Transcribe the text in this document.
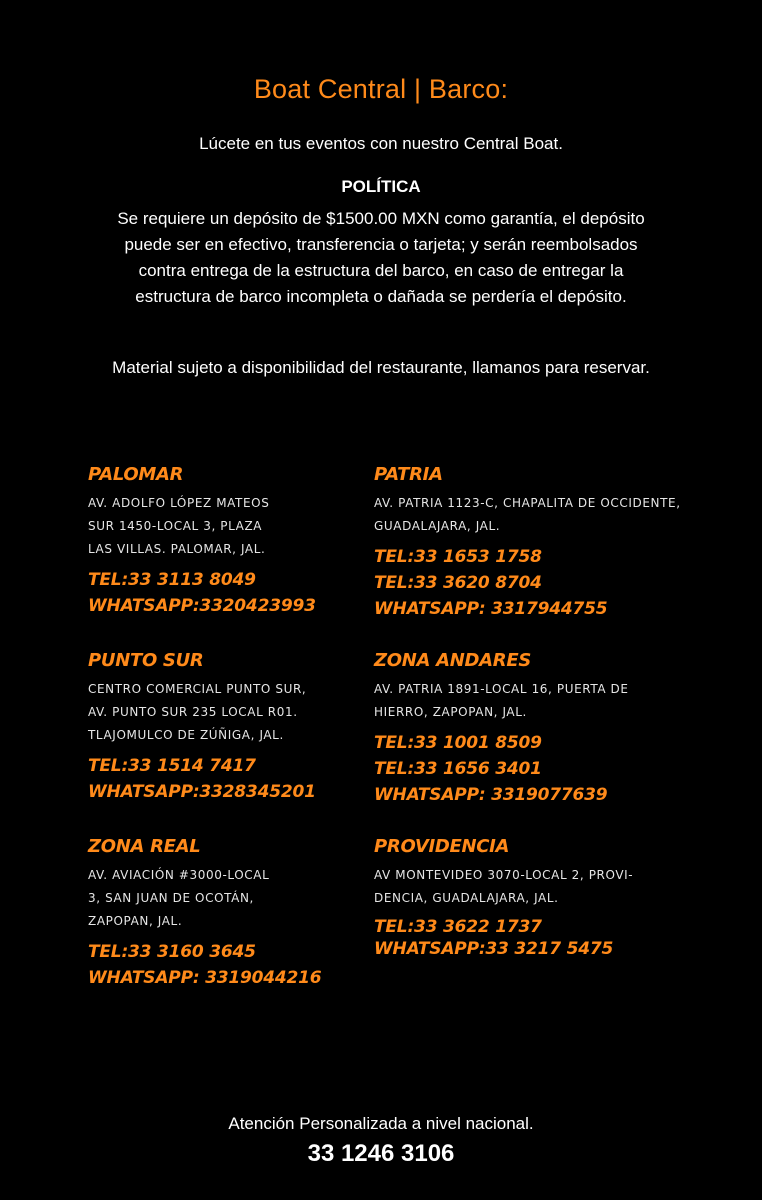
Boat Central | Barco:
Lúcete en tus eventos con nuestro Central Boat.
POLÍTICA
Se requiere un depósito de $1500.00 MXN como garantía, el depósito puede ser en efectivo, transferencia o tarjeta; y serán reembolsados contra entrega de la estructura del barco, en caso de entregar la estructura de barco incompleta o dañada se perdería el depósito.
Material sujeto a disponibilidad del restaurante, llamanos para reservar.
PALOMAR
AV. ADOLFO LÓPEZ MATEOS
SUR 1450-LOCAL 3, PLAZA
LAS VILLAS. PALOMAR, JAL.
TEL:33 3113 8049
WHATSAPP:3320423993
PUNTO SUR
CENTRO COMERCIAL PUNTO SUR,
AV. PUNTO SUR 235 LOCAL R01.
TLAJOMULCO DE ZÚÑIGA, JAL.
TEL:33 1514 7417
WHATSAPP:3328345201
ZONA REAL
AV. AVIACIÓN #3000-LOCAL
3, SAN JUAN DE OCOTÁN,
ZAPOPAN, JAL.
TEL:33 3160 3645
WHATSAPP: 3319044216
PATRIA
AV. PATRIA 1123-C, CHAPALITA DE OCCIDENTE,
GUADALAJARA, JAL.
TEL:33 1653 1758
TEL:33 3620 8704
WHATSAPP: 3317944755
ZONA ANDARES
AV. PATRIA 1891-LOCAL 16, PUERTA DE
HIERRO, ZAPOPAN, JAL.
TEL:33 1001 8509
TEL:33 1656 3401
WHATSAPP: 3319077639
PROVIDENCIA
AV MONTEVIDEO 3070-LOCAL 2, PROVI-
DENCIA, GUADALAJARA, JAL.
TEL:33 3622 1737
WHATSAPP:33 3217 5475
Atención Personalizada a nivel nacional.
33 1246 3106
